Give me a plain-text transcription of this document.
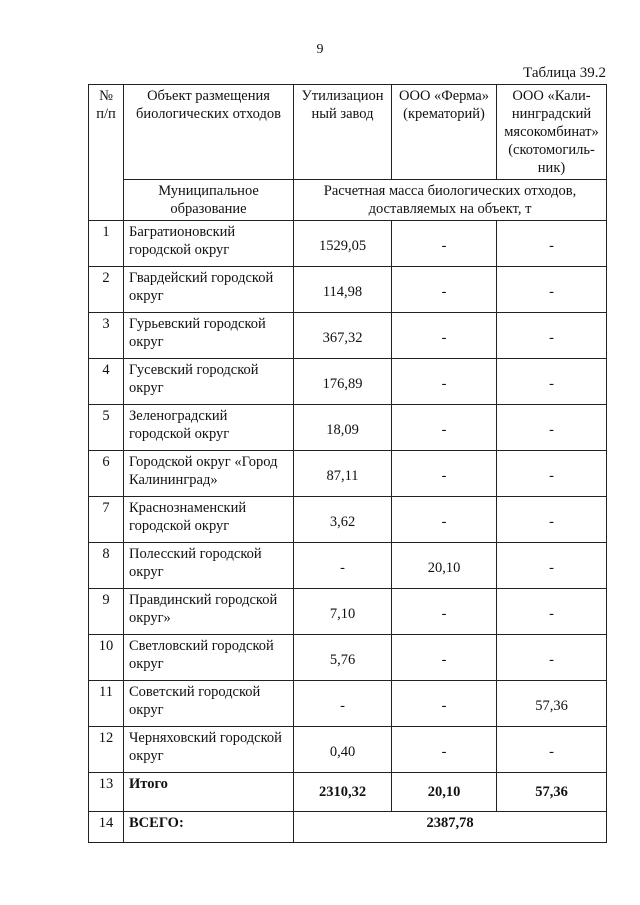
9
Таблица 39.2
№ п/п	Объект размещения биологических отходов	Утилизацион ный завод	ООО «Ферма» (крематорий)	ООО «Кали-нинградский мясокомбинат» (скотомогиль-ник)
	Муниципальное образование	Расчетная масса биологических отходов, доставляемых на объект, т		
1	Багратионовский городской округ	1529,05	-	-
2	Гвардейский городской округ	114,98	-	-
3	Гурьевский городской округ	367,32	-	-
4	Гусевский городской округ	176,89	-	-
5	Зеленоградский городской округ	18,09	-	-
6	Городской округ «Город Калининград»	87,11	-	-
7	Краснознаменский городской округ	3,62	-	-
8	Полесский городской округ	-	20,10	-
9	Правдинский городской округ»	7,10	-	-
10	Светловский городской округ	5,76	-	-
11	Советский городской округ	-	-	57,36
12	Черняховский городской округ	0,40	-	-
13	Итого	2310,32	20,10	57,36
14	ВСЕГО:	2387,78		
